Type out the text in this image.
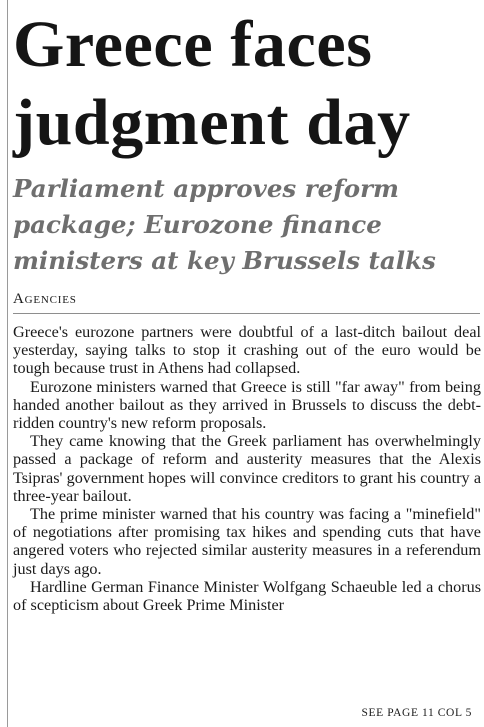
Greece faces judgment day
Parliament approves reform package; Eurozone finance ministers at key Brussels talks
Agencies

Greece's eurozone partners were doubtful of a last-ditch bailout deal yesterday, saying talks to stop it crashing out of the euro would be tough because trust in Athens had collapsed.

Eurozone ministers warned that Greece is still "far away" from being handed another bailout as they arrived in Brussels to discuss the debt-ridden country's new reform proposals.

They came knowing that the Greek parliament has overwhelmingly passed a package of reform and austerity measures that the Alexis Tsipras' government hopes will convince creditors to grant his country a three-year bailout.

The prime minister warned that his country was facing a "minefield" of negotiations after promising tax hikes and spending cuts that have angered voters who rejected similar austerity measures in a referendum just days ago.

Hardline German Finance Minister Wolfgang Schaeuble led a chorus of scepticism about Greek Prime Minister

SEE PAGE 11 COL 5
